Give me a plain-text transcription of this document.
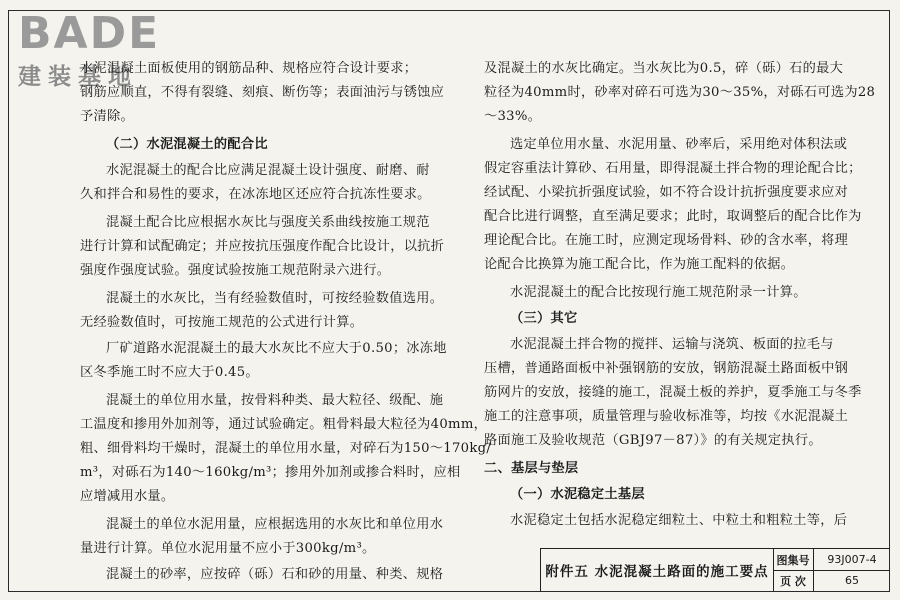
BADE
建装基地
水泥混凝土面板使用的钢筋品种、规格应符合设计要求；
钢筋应顺直，不得有裂缝、刻痕、断伤等；表面油污与锈蚀应
予清除。
（二）水泥混凝土的配合比
水泥混凝土的配合比应满足混凝土设计强度、耐磨、耐
久和拌合和易性的要求，在冰冻地区还应符合抗冻性要求。
混凝土配合比应根据水灰比与强度关系曲线按施工规范
进行计算和试配确定；并应按抗压强度作配合比设计，以抗折
强度作强度试验。强度试验按施工规范附录六进行。
混凝土的水灰比，当有经验数值时，可按经验数值选用。
无经验数值时，可按施工规范的公式进行计算。
厂矿道路水泥混凝土的最大水灰比不应大于0.50；冰冻地
区冬季施工时不应大于0.45。
混凝土的单位用水量，按骨料种类、最大粒径、级配、施
工温度和掺用外加剂等，通过试验确定。粗骨料最大粒径为40mm，
粗、细骨料均干燥时，混凝土的单位用水量，对碎石为150～170kg/
m³，对砾石为140～160kg/m³；掺用外加剂或掺合料时，应相
应增减用水量。
混凝土的单位水泥用量，应根据选用的水灰比和单位用水
量进行计算。单位水泥用量不应小于300kg/m³。
混凝土的砂率，应按碎（砾）石和砂的用量、种类、规格
及混凝土的水灰比确定。当水灰比为0.5，碎（砾）石的最大
粒径为40mm时，砂率对碎石可选为30～35%，对砾石可选为28
～33%。
选定单位用水量、水泥用量、砂率后，采用绝对体积法或
假定容重法计算砂、石用量，即得混凝土拌合物的理论配合比；
经试配、小梁抗折强度试验，如不符合设计抗折强度要求应对
配合比进行调整，直至满足要求；此时，取调整后的配合比作为
理论配合比。在施工时，应测定现场骨料、砂的含水率，将理
论配合比换算为施工配合比，作为施工配料的依据。
水泥混凝土的配合比按现行施工规范附录一计算。
（三）其它
水泥混凝土拌合物的搅拌、运输与浇筑、板面的拉毛与
压槽，普通路面板中补强钢筋的安放，钢筋混凝土路面板中钢
筋网片的安放，接缝的施工，混凝土板的养护，夏季施工与冬季
施工的注意事项，质量管理与验收标准等，均按《水泥混凝土
路面施工及验收规范（GBJ97－87）》的有关规定执行。
二、基层与垫层
（一）水泥稳定土基层
水泥稳定土包括水泥稳定细粒土、中粒土和粗粒土等，后
附件五 水泥混凝土路面的施工要点
图集号	93J007-4
页 次	65
